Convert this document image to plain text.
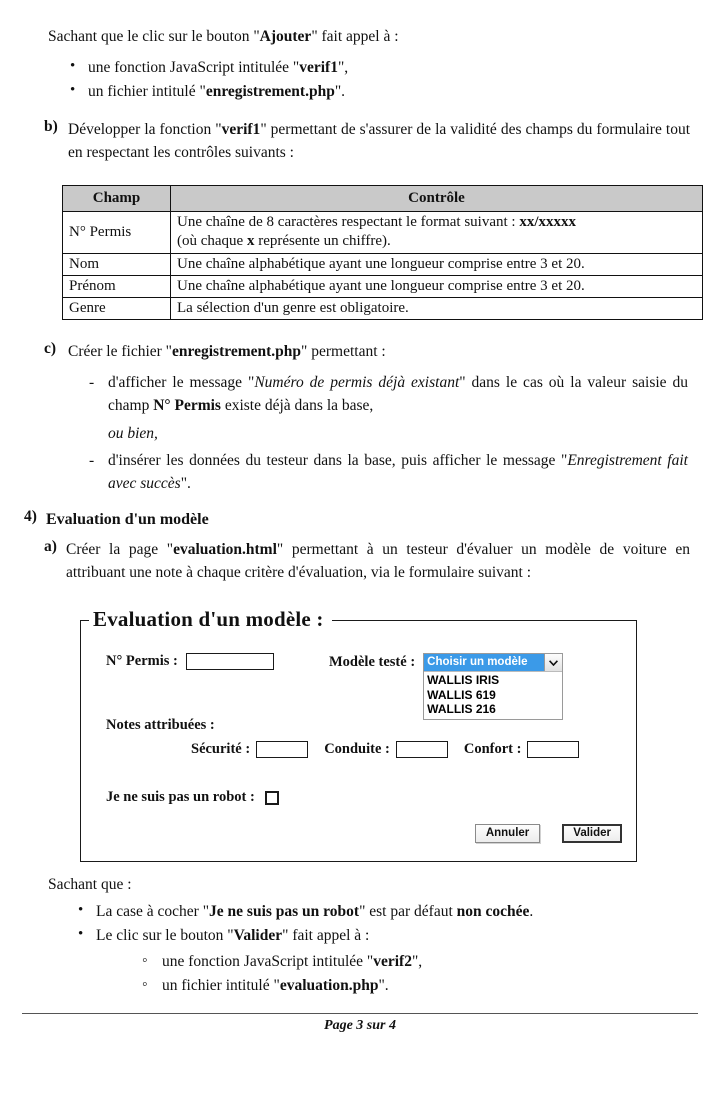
Sachant que le clic sur le bouton "Ajouter" fait appel à :
• une fonction JavaScript intitulée "verif1",
• un fichier intitulé "enregistrement.php".
b) Développer la fonction "verif1" permettant de s'assurer de la validité des champs du formulaire tout en respectant les contrôles suivants :
Champ	Contrôle
N° Permis	Une chaîne de 8 caractères respectant le format suivant : xx/xxxxx
(où chaque x représente un chiffre).
Nom	Une chaîne alphabétique ayant une longueur comprise entre 3 et 20.
Prénom	Une chaîne alphabétique ayant une longueur comprise entre 3 et 20.
Genre	La sélection d'un genre est obligatoire.
c) Créer le fichier "enregistrement.php" permettant :
- d'afficher le message "Numéro de permis déjà existant" dans le cas où la valeur saisie du champ N° Permis existe déjà dans la base,
ou bien,
- d'insérer les données du testeur dans la base, puis afficher le message "Enregistrement fait avec succès".
4) Evaluation d'un modèle
a) Créer la page "evaluation.html" permettant à un testeur d'évaluer un modèle de voiture en attribuant une note à chaque critère d'évaluation, via le formulaire suivant :
Evaluation d'un modèle :
N° Permis :	Modèle testé : Choisir un modèle
WALLIS IRIS
WALLIS 619
WALLIS 216
Notes attribuées :
Sécurité :	Conduite :	Confort :
Je ne suis pas un robot :
Annuler	Valider
Sachant que :
• La case à cocher "Je ne suis pas un robot" est par défaut non cochée.
• Le clic sur le bouton "Valider" fait appel à :
◦ une fonction JavaScript intitulée "verif2",
◦ un fichier intitulé "evaluation.php".
Page 3 sur 4
